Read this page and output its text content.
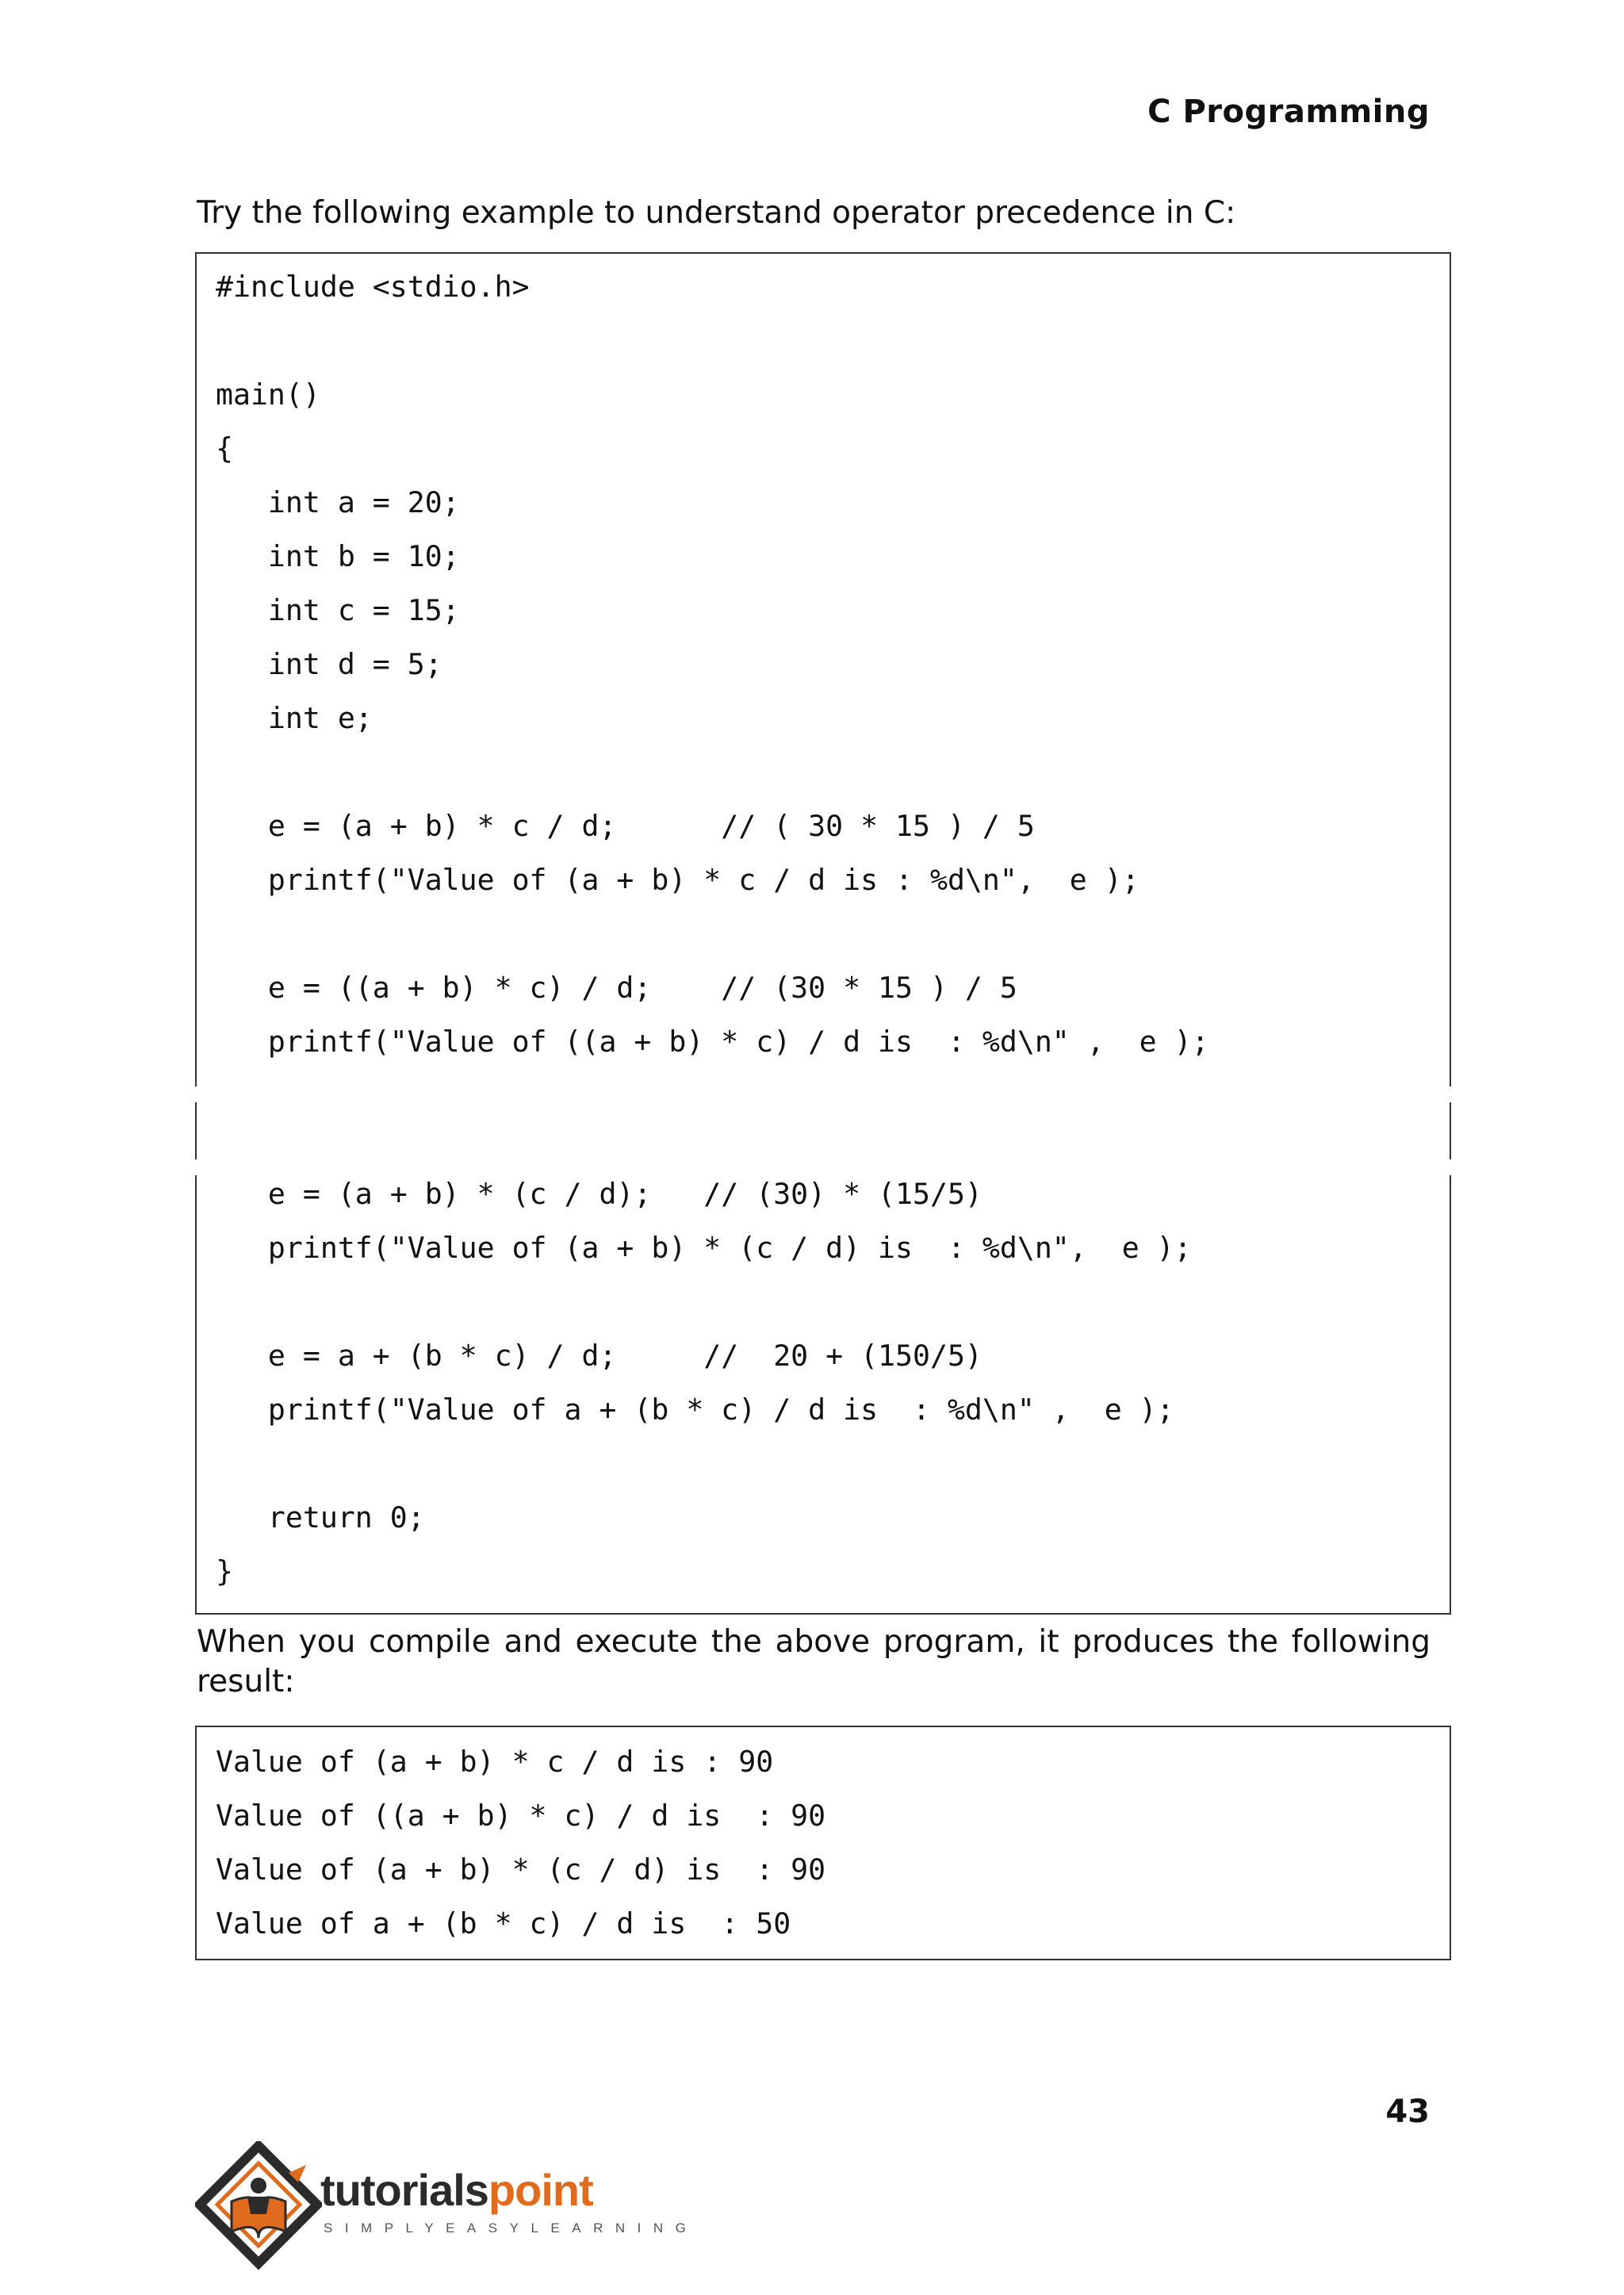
C Programming
Try the following example to understand operator precedence in C:
#include <stdio.h>
main()
{
int a = 20;
int b = 10;
int c = 15;
int d = 5;
int e;
e = (a + b) * c / d;      // ( 30 * 15 ) / 5
printf("Value of (a + b) * c / d is : %d\n",  e );
e = ((a + b) * c) / d;    // (30 * 15 ) / 5
printf("Value of ((a + b) * c) / d is  : %d\n" ,  e );
e = (a + b) * (c / d);   // (30) * (15/5)
printf("Value of (a + b) * (c / d) is  : %d\n",  e );
e = a + (b * c) / d;     //  20 + (150/5)
printf("Value of a + (b * c) / d is  : %d\n" ,  e );
return 0;
}
When you compile and execute the above program, it produces the following
result:
Value of (a + b) * c / d is : 90
Value of ((a + b) * c) / d is  : 90
Value of (a + b) * (c / d) is  : 90
Value of a + (b * c) / d is  : 50
43
tutorialspoint
SIMPLYEASYLEARNING
